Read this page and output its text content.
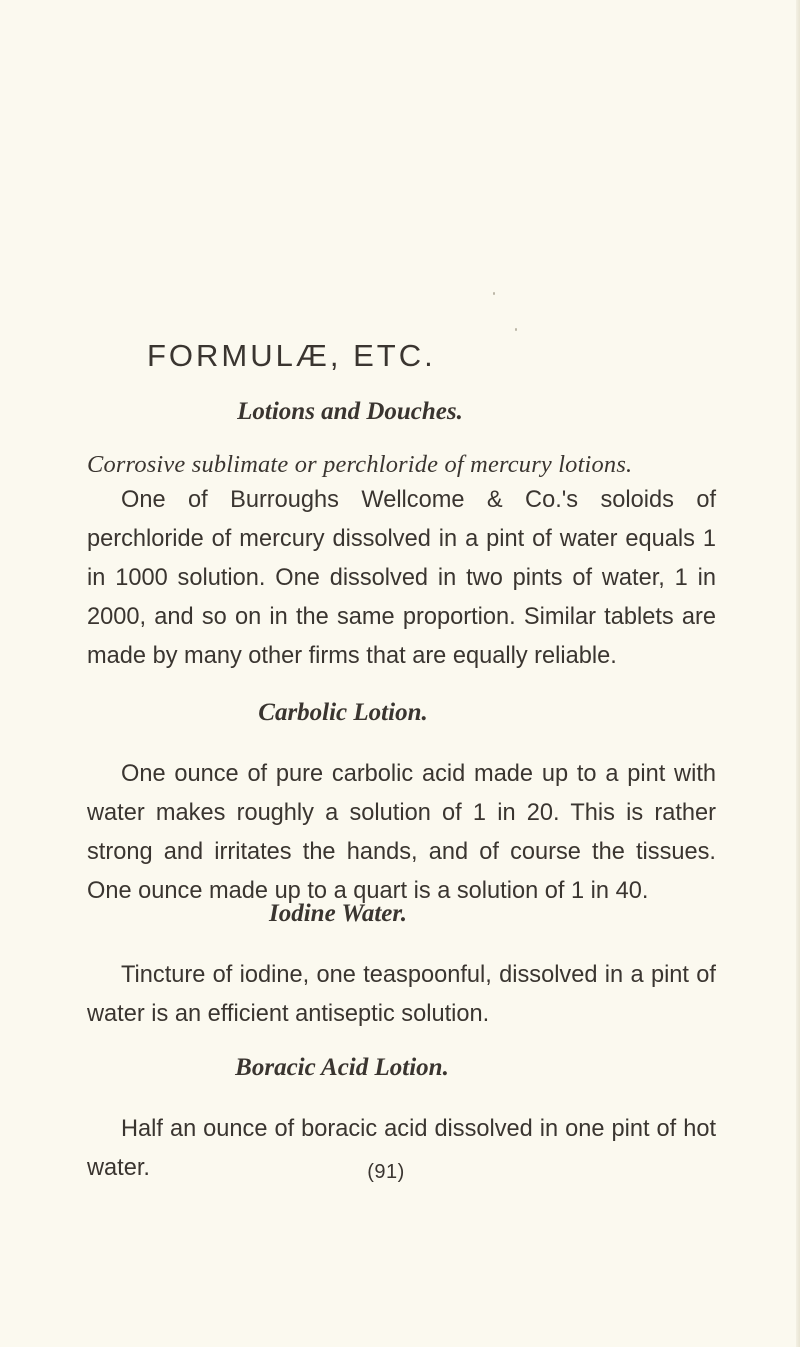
FORMULÆ, ETC.
Lotions and Douches.
Corrosive sublimate or perchloride of mercury lotions.

One of Burroughs Wellcome & Co.'s soloids of perchloride of mercury dissolved in a pint of water equals 1 in 1000 solution. One dissolved in two pints of water, 1 in 2000, and so on in the same proportion. Similar tablets are made by many other firms that are equally reliable.

Carbolic Lotion.

One ounce of pure carbolic acid made up to a pint with water makes roughly a solution of 1 in 20. This is rather strong and irritates the hands, and of course the tissues. One ounce made up to a quart is a solution of 1 in 40.

Iodine Water.

Tincture of iodine, one teaspoonful, dissolved in a pint of water is an efficient antiseptic solution.

Boracic Acid Lotion.

Half an ounce of boracic acid dissolved in one pint of hot water.	(91)
